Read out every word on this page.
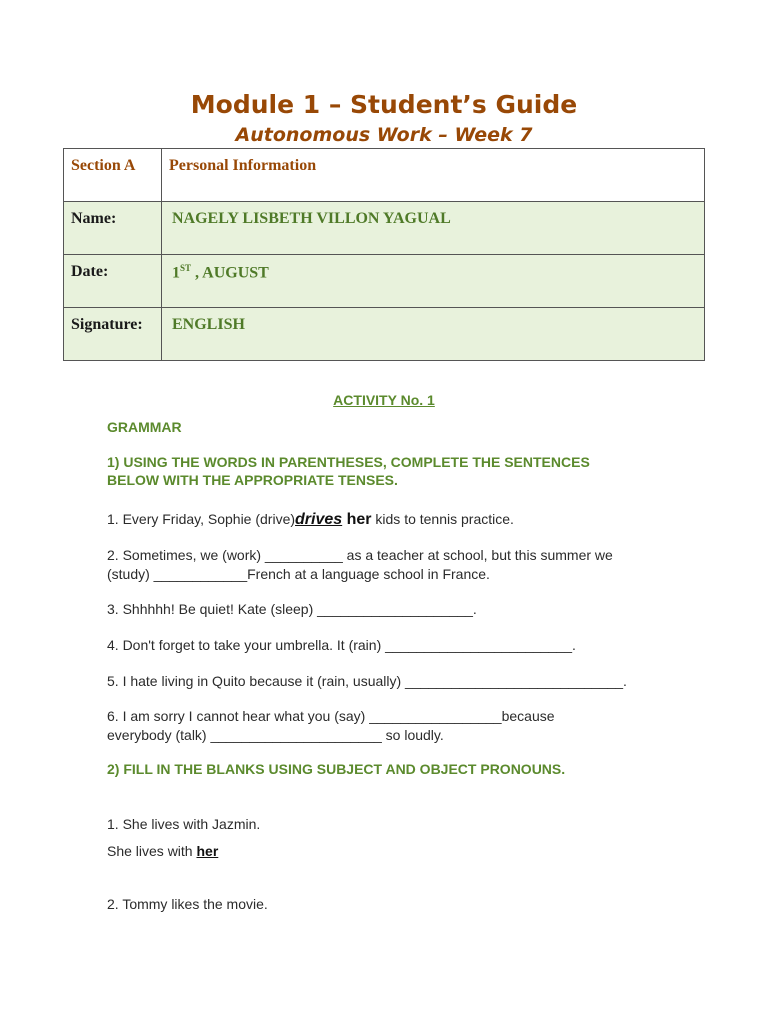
Module 1 – Student’s Guide
Autonomous Work – Week 7
Section A	Personal Information
Name:	NAGELY LISBETH VILLON YAGUAL
Date:	1ST , AUGUST
Signature:	ENGLISH

ACTIVITY No. 1

GRAMMAR

1) USING THE WORDS IN PARENTHESES, COMPLETE THE SENTENCES

BELOW WITH THE APPROPRIATE TENSES.

1. Every Friday, Sophie (drive)drives her kids to tennis practice.

2. Sometimes, we (work) __________ as a teacher at school, but this summer we

(study) ____________French at a language school in France.

3. Shhhhh! Be quiet! Kate (sleep) ____________________.

4. Don't forget to take your umbrella. It (rain) ________________________.

5. I hate living in Quito because it (rain, usually) ____________________________.

6. I am sorry I cannot hear what you (say) _________________because

everybody (talk) ______________________ so loudly.

2) FILL IN THE BLANKS USING SUBJECT AND OBJECT PRONOUNS.

1. She lives with Jazmin.

She lives with her

2. Tommy likes the movie.
